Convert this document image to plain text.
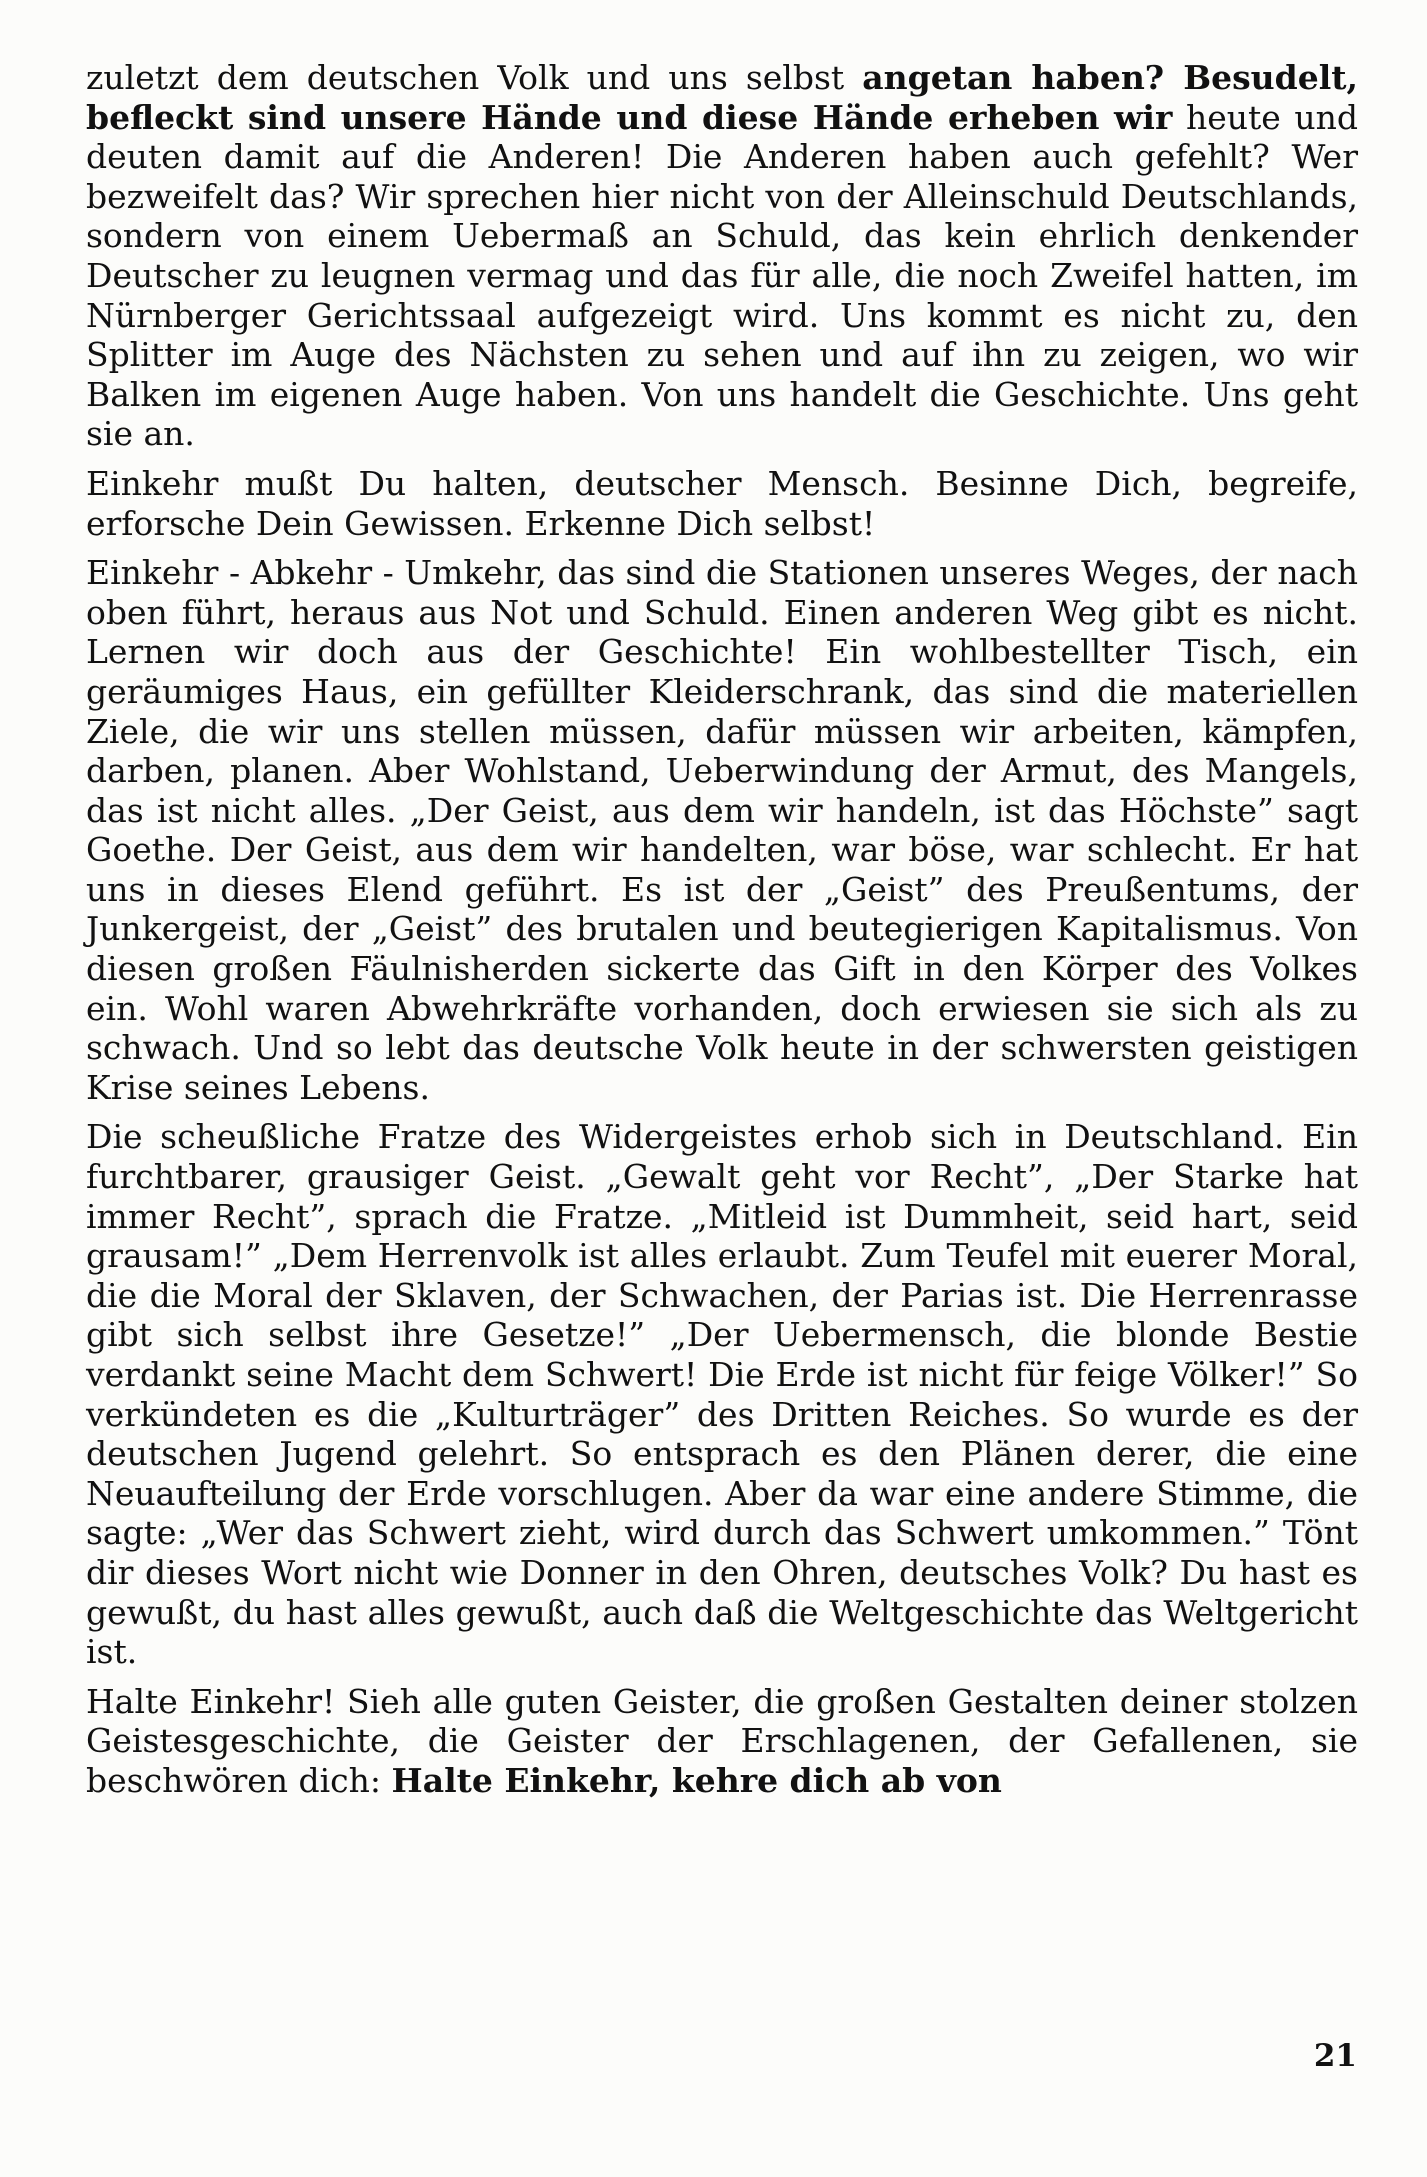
zuletzt dem deutschen Volk und uns selbst angetan haben? Besudelt, befleckt sind unsere Hände und diese Hände erheben wir heute und deuten damit auf die Anderen! Die Anderen haben auch gefehlt? Wer bezweifelt das? Wir sprechen hier nicht von der Alleinschuld Deutschlands, sondern von einem Uebermaß an Schuld, das kein ehrlich denkender Deutscher zu leugnen vermag und das für alle, die noch Zweifel hatten, im Nürnberger Gerichtssaal aufgezeigt wird. Uns kommt es nicht zu, den Splitter im Auge des Nächsten zu sehen und auf ihn zu zeigen, wo wir Balken im eigenen Auge haben. Von uns handelt die Geschichte. Uns geht sie an.

Einkehr mußt Du halten, deutscher Mensch. Besinne Dich, begreife, erforsche Dein Gewissen. Erkenne Dich selbst!

Einkehr - Abkehr - Umkehr, das sind die Stationen unseres Weges, der nach oben führt, heraus aus Not und Schuld. Einen anderen Weg gibt es nicht. Lernen wir doch aus der Geschichte! Ein wohlbestellter Tisch, ein geräumiges Haus, ein gefüllter Kleiderschrank, das sind die materiellen Ziele, die wir uns stellen müssen, dafür müssen wir arbeiten, kämpfen, darben, planen. Aber Wohlstand, Ueberwindung der Armut, des Mangels, das ist nicht alles. „Der Geist, aus dem wir handeln, ist das Höchste” sagt Goethe. Der Geist, aus dem wir handelten, war böse, war schlecht. Er hat uns in dieses Elend geführt. Es ist der „Geist” des Preußentums, der Junkergeist, der „Geist” des brutalen und beutegierigen Kapitalismus. Von diesen großen Fäulnisherden sickerte das Gift in den Körper des Volkes ein. Wohl waren Abwehrkräfte vorhanden, doch erwiesen sie sich als zu schwach. Und so lebt das deutsche Volk heute in der schwersten geistigen Krise seines Lebens.

Die scheußliche Fratze des Widergeistes erhob sich in Deutschland. Ein furchtbarer, grausiger Geist. „Gewalt geht vor Recht”, „Der Starke hat immer Recht”, sprach die Fratze. „Mitleid ist Dummheit, seid hart, seid grausam!” „Dem Herrenvolk ist alles erlaubt. Zum Teufel mit euerer Moral, die die Moral der Sklaven, der Schwachen, der Parias ist. Die Herrenrasse gibt sich selbst ihre Gesetze!” „Der Uebermensch, die blonde Bestie verdankt seine Macht dem Schwert! Die Erde ist nicht für feige Völker!” So verkündeten es die „Kulturträger” des Dritten Reiches. So wurde es der deutschen Jugend gelehrt. So entsprach es den Plänen derer, die eine Neuaufteilung der Erde vorschlugen. Aber da war eine andere Stimme, die sagte: „Wer das Schwert zieht, wird durch das Schwert umkommen.” Tönt dir dieses Wort nicht wie Donner in den Ohren, deutsches Volk? Du hast es gewußt, du hast alles gewußt, auch daß die Weltgeschichte das Weltgericht ist.

Halte Einkehr! Sieh alle guten Geister, die großen Gestalten deiner stolzen Geistesgeschichte, die Geister der Erschlagenen, der Gefallenen, sie beschwören dich: Halte Einkehr, kehre dich ab von

21
